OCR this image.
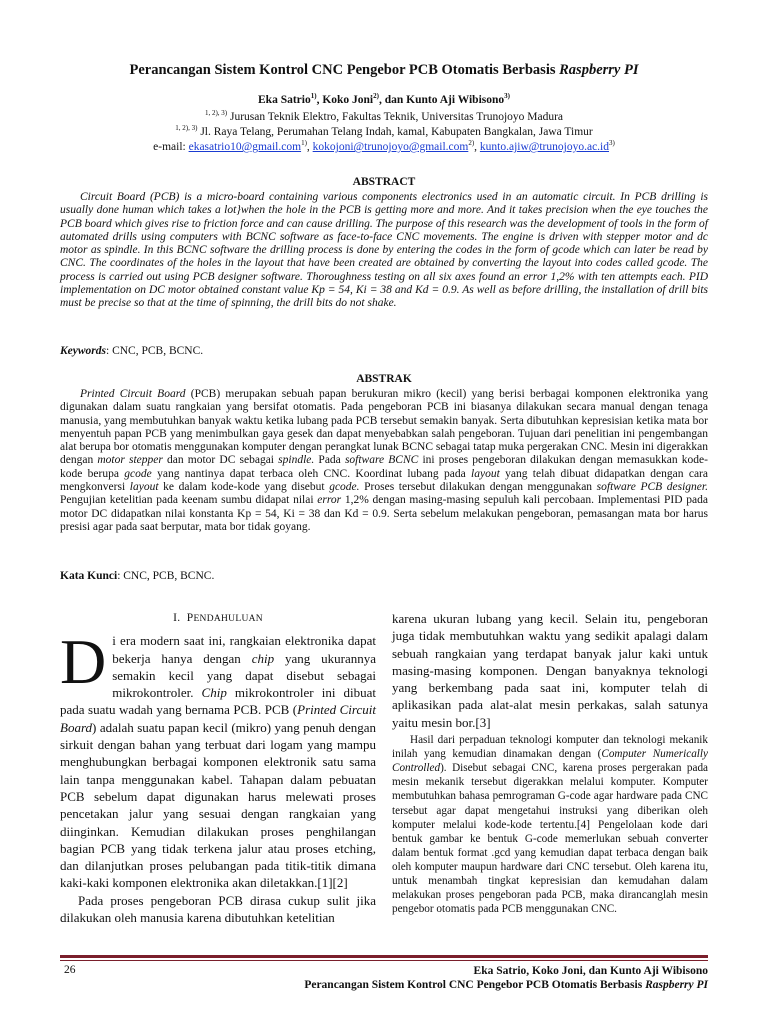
Perancangan Sistem Kontrol CNC Pengebor PCB Otomatis Berbasis Raspberry PI
Eka Satrio$^{1)}$, Koko Joni$^{2)}$, dan Kunto Aji Wibisono$^{3)}$
$^{1, 2), 3)}$ Jurusan Teknik Elektro, Fakultas Teknik, Universitas Trunojoyo Madura
$^{1, 2), 3)}$ Jl. Raya Telang, Perumahan Telang Indah, kamal, Kabupaten Bangkalan, Jawa Timur
e-mail: ekasatrio10@gmail.com$^{1)}$, kokojoni@trunojoyo@gmail.com$^{2)}$, $kunto.ajiw@trunojoyo.ac.id^{3)}$
ABSTRACT

Circuit Board (PCB) is a micro-board containing various components electronics used in an automatic circuit. In PCB drilling is usually done human which takes a lot}when the hole in the PCB is getting more and more. And it takes precision when the eye touches the PCB board which gives rise to friction force and can cause drilling. The purpose of this research was the development of tools in the form of automated drills using computers with BCNC software as face-to-face CNC movements. The engine is driven with stepper motor and dc motor as spindle. In this BCNC software the drilling process is done by entering the codes in the form of gcode which can later be read by CNC. The coordinates of the holes in the layout that have been created are obtained by converting the layout into codes called gcode. The process is carried out using PCB designer software. Thoroughness testing on all six axes found an error 1,2% with ten attempts each. PID implementation on DC motor obtained constant value Kp = 54, Ki = 38 and Kd = 0.9. As well as before drilling, the installation of drill bits must be precise so that at the time of spinning, the drill bits do not shake.

Keywords: CNC, PCB, BCNC.
ABSTRAK

Printed Circuit Board (PCB) merupakan sebuah papan berukuran mikro (kecil) yang berisi berbagai komponen elektronika yang digunakan dalam suatu rangkaian yang bersifat otomatis. Pada pengeboran PCB ini biasanya dilakukan secara manual dengan tenaga manusia, yang membutuhkan banyak waktu ketika lubang pada PCB tersebut semakin banyak. Serta dibutuhkan kepresisian ketika mata bor menyentuh papan PCB yang menimbulkan gaya gesek dan dapat menyebabkan salah pengeboran. Tujuan dari penelitian ini pengembangan alat berupa bor otomatis menggunakan komputer dengan perangkat lunak BCNC sebagai tatap muka pergerakan CNC. Mesin ini digerakkan dengan motor stepper dan motor DC sebagai spindle. Pada software BCNC ini proses pengeboran dilakukan dengan memasukkan kode-kode berupa gcode yang nantinya dapat terbaca oleh CNC. Koordinat lubang pada layout yang telah dibuat didapatkan dengan cara mengkonversi layout ke dalam kode-kode yang disebut gcode. Proses tersebut dilakukan dengan menggunakan software PCB designer. Pengujian ketelitian pada keenam sumbu didapat nilai error 1,2% dengan masing-masing sepuluh kali percobaan. Implementasi PID pada motor DC didapatkan nilai konstanta Kp = 54, Ki = 38 dan Kd = 0.9. Serta sebelum melakukan pengeboran, pemasangan mata bor harus presisi agar pada saat berputar, mata bor tidak goyang.

Kata Kunci: CNC, PCB, BCNC.
I. PENDAHULUAN

Di era modern saat ini, rangkaian elektronika dapat bekerja hanya dengan chip yang ukurannya semakin kecil yang dapat disebut sebagai mikrokontroler. Chip mikrokontroler ini dibuat pada suatu wadah yang bernama PCB. PCB (Printed Circuit Board) adalah suatu papan kecil (mikro) yang penuh dengan sirkuit dengan bahan yang terbuat dari logam yang mampu menghubungkan berbagai komponen elektronik satu sama lain tanpa menggunakan kabel. Tahapan dalam pebuatan PCB sebelum dapat digunakan harus melewati proses pencetakan jalur yang sesuai dengan rangkaian yang diinginkan. Kemudian dilakukan proses penghilangan bagian PCB yang tidak terkena jalur atau proses etching, dan dilanjutkan proses pelubangan pada titik-titik dimana kaki-kaki komponen elektronika akan diletakkan.[1][2]

Pada proses pengeboran PCB dirasa cukup sulit jika dilakukan oleh manusia karena dibutuhkan ketelitian

karena ukuran lubang yang kecil. Selain itu, pengeboran juga tidak membutuhkan waktu yang sedikit apalagi dalam sebuah rangkaian yang terdapat banyak jalur kaki untuk masing-masing komponen. Dengan banyaknya teknologi yang berkembang pada saat ini, komputer telah di aplikasikan pada alat-alat mesin perkakas, salah satunya yaitu mesin bor.[3]

Hasil dari perpaduan teknologi komputer dan teknologi mekanik inilah yang kemudian dinamakan dengan (Computer Numerically Controlled). Disebut sebagai CNC, karena proses pergerakan pada mesin mekanik tersebut digerakkan melalui komputer. Komputer membutuhkan bahasa pemrograman G-code agar hardware pada CNC tersebut agar dapat mengetahui instruksi yang diberikan oleh komputer melalui kode-kode tertentu.[4] Pengelolaan kode dari bentuk gambar ke bentuk G-code memerlukan sebuah converter dalam bentuk format .gcd yang kemudian dapat terbaca dengan baik oleh komputer maupun hardware dari CNC tersebut. Oleh karena itu, untuk menambah tingkat kepresisian dan kemudahan dalam melakukan proses pengeboran pada PCB, maka dirancanglah mesin pengebor otomatis pada PCB menggunakan CNC.

26	Eka Satrio, Koko Joni, dan Kunto Aji Wibisono
Perancangan Sistem Kontrol CNC Pengebor PCB Otomatis Berbasis Raspberry PI
